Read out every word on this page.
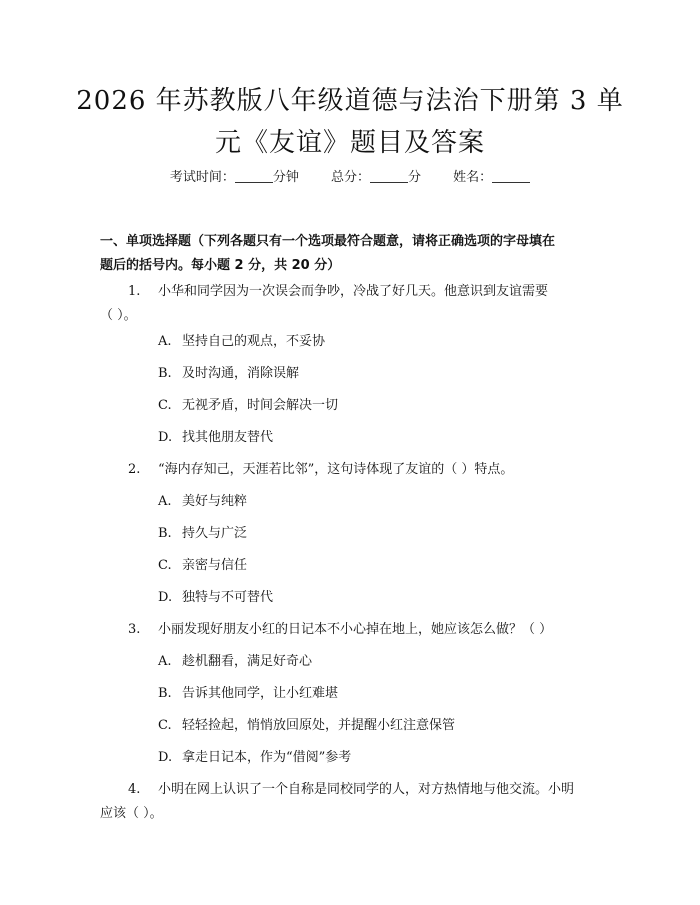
2026 年苏教版八年级道德与法治下册第 3 单
元《友谊》题目及答案
考试时间：	分钟 总分：	分 姓名：
一、单项选择题（下列各题只有一个选项最符合题意，请将正确选项的字母填在
题后的括号内。每小题 2 分，共 20 分）
1. 小华和同学因为一次误会而争吵，冷战了好几天。他意识到友谊需要
（ ）。
A. 坚持自己的观点，不妥协
B. 及时沟通，消除误解
C. 无视矛盾，时间会解决一切
D. 找其他朋友替代
2. “海内存知己，天涯若比邻”，这句诗体现了友谊的（ ）特点。
A. 美好与纯粹
B. 持久与广泛
C. 亲密与信任
D. 独特与不可替代
3. 小丽发现好朋友小红的日记本不小心掉在地上，她应该怎么做？（ ）
A. 趁机翻看，满足好奇心
B. 告诉其他同学，让小红难堪
C. 轻轻捡起，悄悄放回原处，并提醒小红注意保管
D. 拿走日记本，作为“借阅”参考
4. 小明在网上认识了一个自称是同校同学的人，对方热情地与他交流。小明
应该（ ）。
